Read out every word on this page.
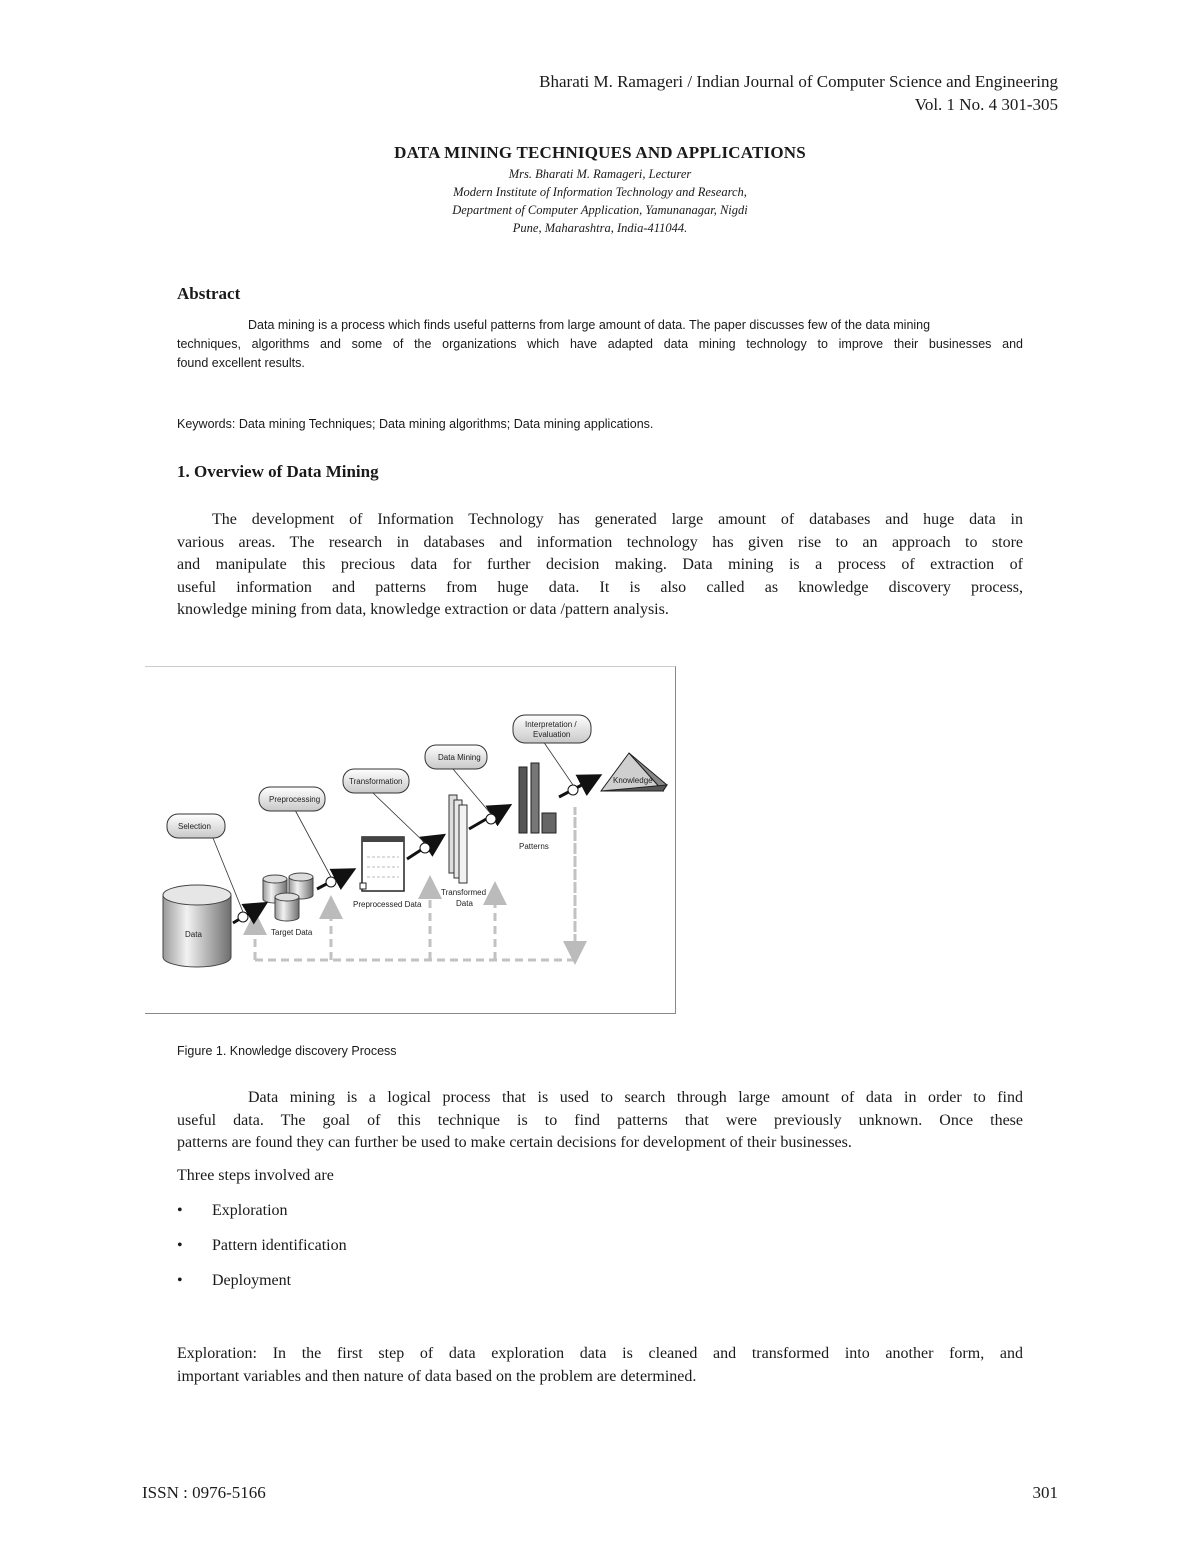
Bharati M. Ramageri / Indian Journal of Computer Science and Engineering
Vol. 1 No. 4 301-305
DATA MINING TECHNIQUES AND APPLICATIONS
Mrs. Bharati M. Ramageri, Lecturer
Modern Institute of Information Technology and Research,
Department of Computer Application, Yamunanagar, Nigdi
Pune, Maharashtra, India-411044.
Abstract
Data mining is a process which finds useful patterns from large amount of data. The paper discusses few of the data mining
techniques, algorithms and some of the organizations which have adapted data mining technology to improve their businesses and
found excellent results.
Keywords: Data mining Techniques; Data mining algorithms; Data mining applications.
1. Overview of Data Mining
The development of Information Technology has generated large amount of databases and huge data in
various areas. The research in databases and information technology has given rise to an approach to store
and manipulate this precious data for further decision making. Data mining is a process of extraction of
useful information and patterns from huge data. It is also called as knowledge discovery process,
knowledge mining from data, knowledge extraction or data /pattern analysis.
Data	Target Data
Preprocessed Data
Transformed
Data
Patterns
Knowledge
Selection
Preprocessing
Transformation
Data Mining
Interpretation /
Evaluation
Figure 1. Knowledge discovery Process
Data mining is a logical process that is used to search through large amount of data in order to find
useful data. The goal of this technique is to find patterns that were previously unknown. Once these
patterns are found they can further be used to make certain decisions for development of their businesses.
Three steps involved are
• Exploration
• Pattern identification
• Deployment
Exploration: In the first step of data exploration data is cleaned and transformed into another form, and
important variables and then nature of data based on the problem are determined.
ISSN : 0976-5166	301
